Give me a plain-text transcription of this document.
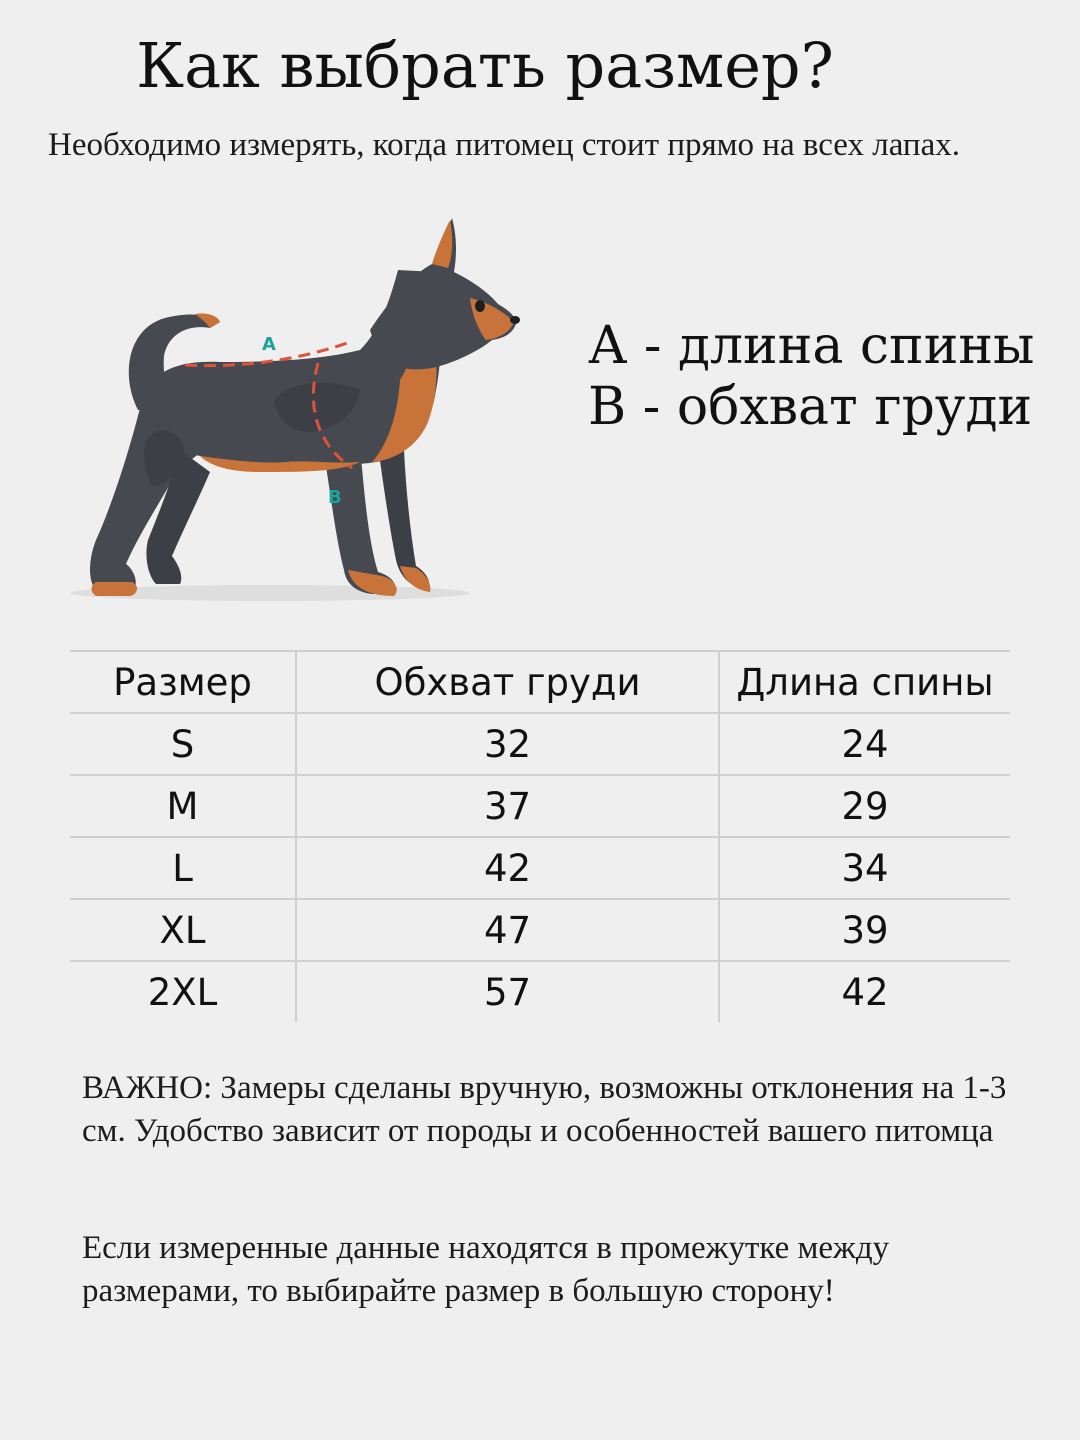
Как выбрать размер?
Необходимо измерять, когда питомец стоит прямо на всех лапах.
A
B
А - длина спины
В - обхват груди
Размер	Обхват груди	Длина спины
S	32	24
M	37	29
L	42	34
XL	47	39
2XL	57	42
ВАЖНО: Замеры сделаны вручную, возможны отклонения на 1-3 см. Удобство зависит от породы и особенностей вашего питомца
Если измеренные данные находятся в промежутке между размерами, то выбирайте размер в большую сторону!
